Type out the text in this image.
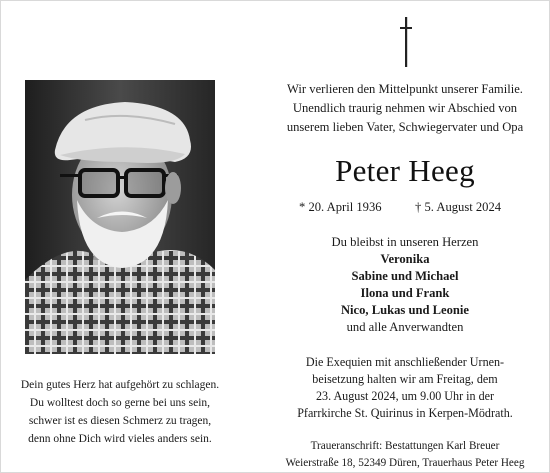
Dein gutes Herz hat aufgehört zu schlagen.
Du wolltest doch so gerne bei uns sein,
schwer ist es diesen Schmerz zu tragen,
denn ohne Dich wird vieles anders sein.
Wir verlieren den Mittelpunkt unserer Familie.
Unendlich traurig nehmen wir Abschied von
unserem lieben Vater, Schwiegervater und Opa
Peter Heeg
* 20. April 1936	† 5. August 2024
Du bleibst in unseren Herzen
Veronika
Sabine und Michael
Ilona und Frank
Nico, Lukas und Leonie
und alle Anverwandten
Die Exequien mit anschließender Urnen-
beisetzung halten wir am Freitag, dem
23. August 2024, um 9.00 Uhr in der
Pfarrkirche St. Quirinus in Kerpen-Mödrath.
Traueranschrift: Bestattungen Karl Breuer
Weierstraße 18, 52349 Düren, Trauerhaus Peter Heeg
